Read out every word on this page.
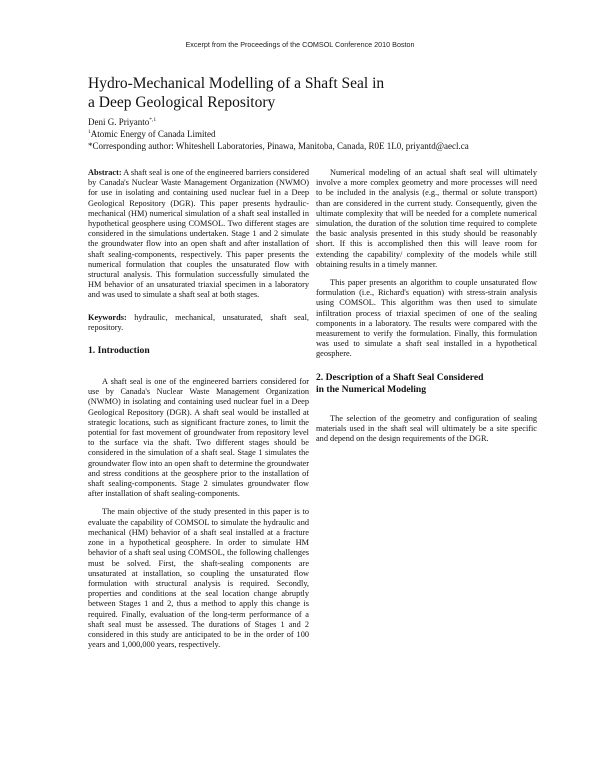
Excerpt from the Proceedings of the COMSOL Conference 2010 Boston
Hydro-Mechanical Modelling of a Shaft Seal in
a Deep Geological Repository
Deni G. Priyanto$^{*,1}$
$^1$Atomic Energy of Canada Limited
*Corresponding author: Whiteshell Laboratories, Pinawa, Manitoba, Canada, R0E 1L0, priyantd@aecl.ca

Abstract: A shaft seal is one of the engineered barriers considered by Canada's Nuclear Waste Management Organization (NWMO) for use in isolating and containing used nuclear fuel in a Deep Geological Repository (DGR). This paper presents hydraulic-mechanical (HM) numerical simulation of a shaft seal installed in hypothetical geosphere using COMSOL. Two different stages are considered in the simulations undertaken. Stage 1 and 2 simulate the groundwater flow into an open shaft and after installation of shaft sealing-components, respectively. This paper presents the numerical formulation that couples the unsaturated flow with structural analysis. This formulation successfully simulated the HM behavior of an unsaturated triaxial specimen in a laboratory and was used to simulate a shaft seal at both stages.

Keywords: hydraulic, mechanical, unsaturated, shaft seal, repository.

1. Introduction

A shaft seal is one of the engineered barriers considered for use by Canada's Nuclear Waste Management Organization (NWMO) in isolating and containing used nuclear fuel in a Deep Geological Repository (DGR). A shaft seal would be installed at strategic locations, such as significant fracture zones, to limit the potential for fast movement of groundwater from repository level to the surface via the shaft. Two different stages should be considered in the simulation of a shaft seal. Stage 1 simulates the groundwater flow into an open shaft to determine the groundwater and stress conditions at the geosphere prior to the installation of shaft sealing-components. Stage 2 simulates groundwater flow after installation of shaft sealing-components.

The main objective of the study presented in this paper is to evaluate the capability of COMSOL to simulate the hydraulic and mechanical (HM) behavior of a shaft seal installed at a fracture zone in a hypothetical geosphere. In order to simulate HM behavior of a shaft seal using COMSOL, the following challenges must be solved. First, the shaft-sealing components are unsaturated at installation, so coupling the unsaturated flow formulation with structural analysis is required. Secondly, properties and conditions at the seal location change abruptly between Stages 1 and 2, thus a method to apply this change is required. Finally, evaluation of the long-term performance of a shaft seal must be assessed. The durations of Stages 1 and 2 considered in this study are anticipated to be in the order of 100 years and 1,000,000 years, respectively.

Numerical modeling of an actual shaft seal will ultimately involve a more complex geometry and more processes will need to be included in the analysis (e.g., thermal or solute transport) than are considered in the current study. Consequently, given the ultimate complexity that will be needed for a complete numerical simulation, the duration of the solution time required to complete the basic analysis presented in this study should be reasonably short. If this is accomplished then this will leave room for extending the capability/ complexity of the models while still obtaining results in a timely manner.

This paper presents an algorithm to couple unsaturated flow formulation (i.e., Richard's equation) with stress-strain analysis using COMSOL. This algorithm was then used to simulate infiltration process of triaxial specimen of one of the sealing components in a laboratory. The results were compared with the measurement to verify the formulation. Finally, this formulation was used to simulate a shaft seal installed in a hypothetical geosphere.

2. Description of a Shaft Seal Considered
in the Numerical Modeling

The selection of the geometry and configuration of sealing materials used in the shaft seal will ultimately be a site specific and depend on the design requirements of the DGR.
